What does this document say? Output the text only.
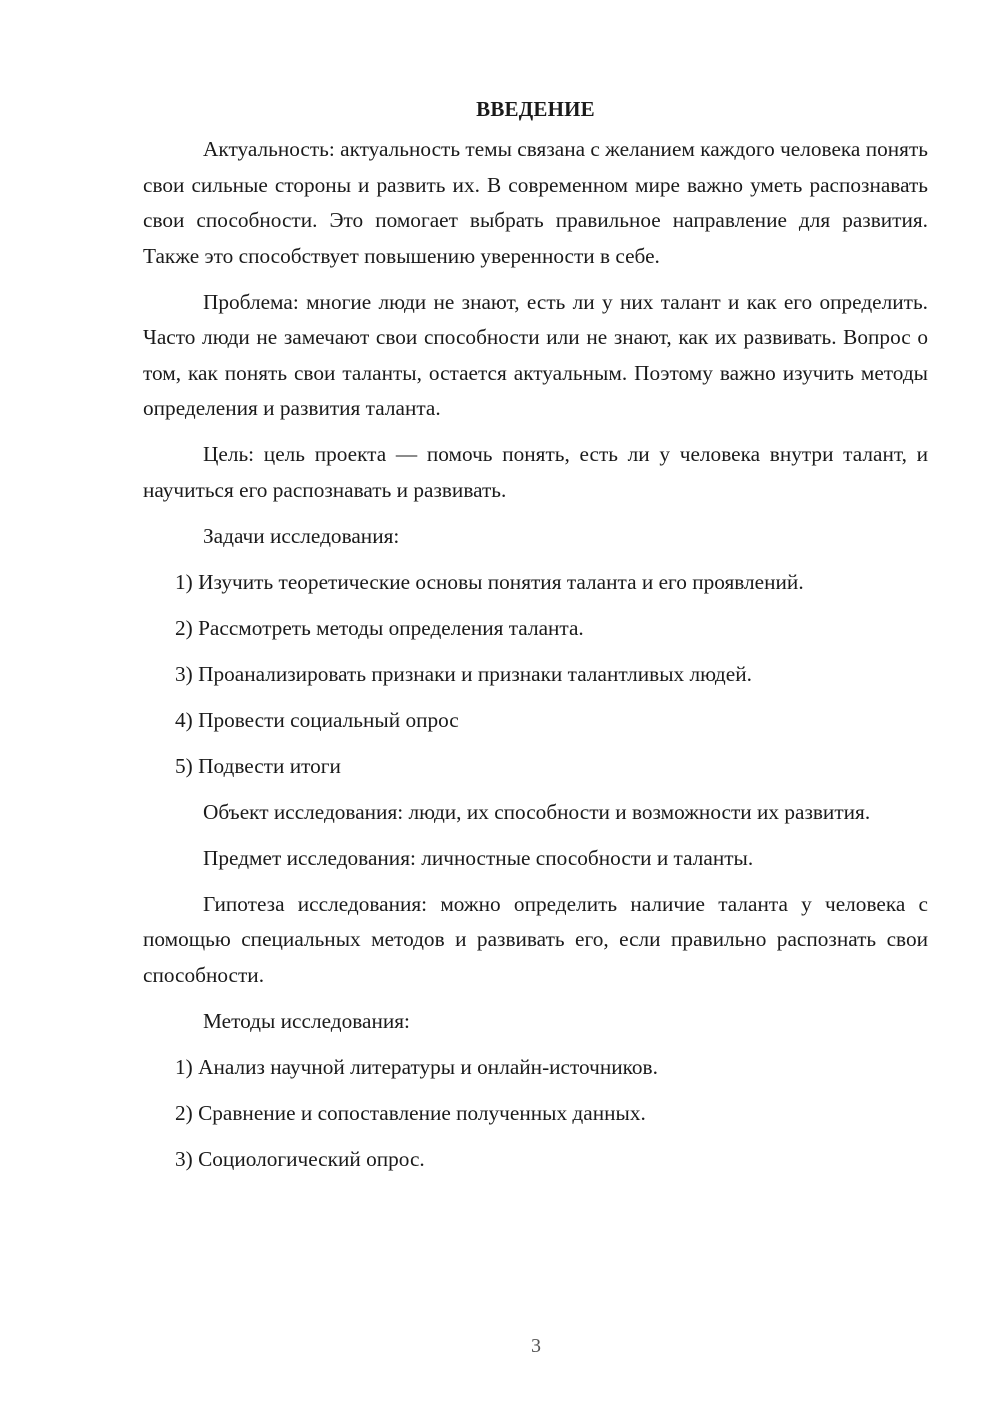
ВВЕДЕНИЕ

Актуальность: актуальность темы связана с желанием каждого человека понять свои сильные стороны и развить их. В современном мире важно уметь распознавать свои способности. Это помогает выбрать правильное направление для развития. Также это способствует повышению уверенности в себе.

Проблема: многие люди не знают, есть ли у них талант и как его определить. Часто люди не замечают свои способности или не знают, как их развивать. Вопрос о том, как понять свои таланты, остается актуальным. Поэтому важно изучить методы определения и развития таланта.

Цель: цель проекта — помочь понять, есть ли у человека внутри талант, и научиться его распознавать и развивать.

Задачи исследования:

1) Изучить теоретические основы понятия таланта и его проявлений.

2) Рассмотреть методы определения таланта.

3) Проанализировать признаки и признаки талантливых людей.

4) Провести социальный опрос

5) Подвести итоги

Объект исследования: люди, их способности и возможности их развития.

Предмет исследования: личностные способности и таланты.

Гипотеза исследования: можно определить наличие таланта у человека с помощью специальных методов и развивать его, если правильно распознать свои способности.

Методы исследования:

1) Анализ научной литературы и онлайн-источников.

2) Сравнение и сопоставление полученных данных.

3) Социологический опрос.

3
